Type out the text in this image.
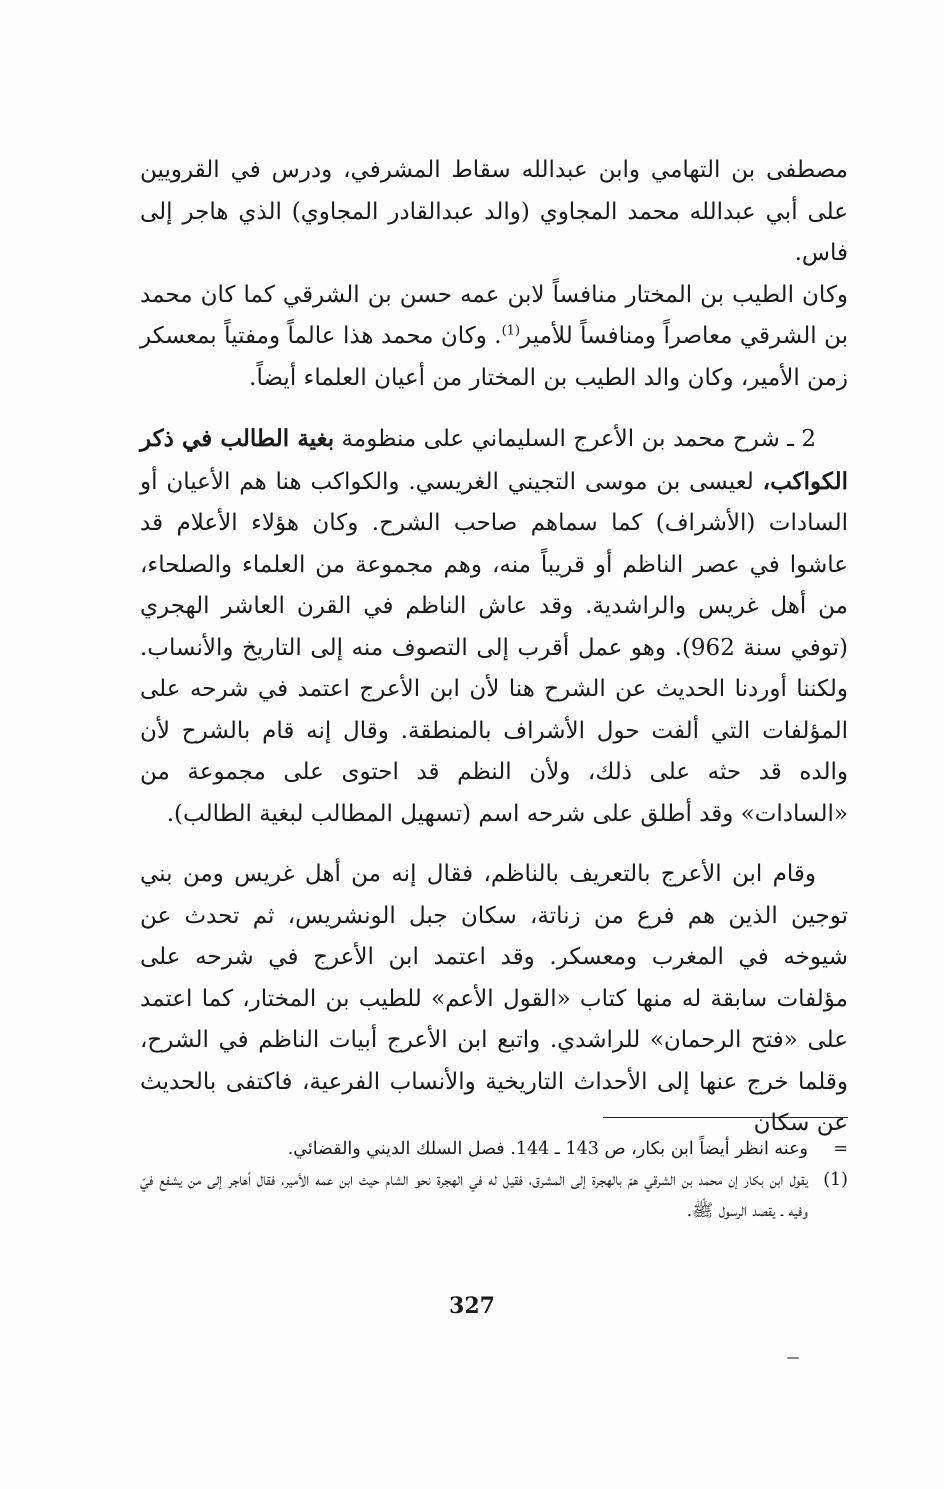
مصطفى بن التهامي وابن عبدالله سقاط المشرفي، ودرس في القرويين على أبي عبدالله محمد المجاوي (والد عبدالقادر المجاوي) الذي هاجر إلى فاس.

وكان الطيب بن المختار منافساً لابن عمه حسن بن الشرقي كما كان محمد بن الشرقي معاصراً ومنافساً للأمير$^{(1)}$. وكان محمد هذا عالماً ومفتياً بمعسكر زمن الأمير، وكان والد الطيب بن المختار من أعيان العلماء أيضاً.

2 ـ شرح محمد بن الأعرج السليماني على منظومة بغية الطالب في ذكر الكواكب، لعيسى بن موسى التجيني الغريسي. والكواكب هنا هم الأعيان أو السادات (الأشراف) كما سماهم صاحب الشرح. وكان هؤلاء الأعلام قد عاشوا في عصر الناظم أو قريباً منه، وهم مجموعة من العلماء والصلحاء، من أهل غريس والراشدية. وقد عاش الناظم في القرن العاشر الهجري (توفي سنة 962). وهو عمل أقرب إلى التصوف منه إلى التاريخ والأنساب. ولكننا أوردنا الحديث عن الشرح هنا لأن ابن الأعرج اعتمد في شرحه على المؤلفات التي ألفت حول الأشراف بالمنطقة. وقال إنه قام بالشرح لأن والده قد حثه على ذلك، ولأن النظم قد احتوى على مجموعة من «السادات» وقد أطلق على شرحه اسم (تسهيل المطالب لبغية الطالب).

وقام ابن الأعرج بالتعريف بالناظم، فقال إنه من أهل غريس ومن بني توجين الذين هم فرع من زناتة، سكان جبل الونشريس، ثم تحدث عن شيوخه في المغرب ومعسكر. وقد اعتمد ابن الأعرج في شرحه على مؤلفات سابقة له منها كتاب «القول الأعم» للطيب بن المختار، كما اعتمد على «فتح الرحمان» للراشدي. واتبع ابن الأعرج أبيات الناظم في الشرح، وقلما خرج عنها إلى الأحداث التاريخية والأنساب الفرعية، فاكتفى بالحديث عن سكان

=
وعنه انظر أيضاً ابن بكار، ص 143 ـ 144. فصل السلك الديني والقضائي.
(1)
يقول ابن بكار إن محمد بن الشرقي همّ بالهجرة إلى المشرق، فقيل له في الهجرة نحو الشام حيث ابن عمه الأمير، فقال أهاجر إلى من يشفع فيّ وفيه ـ يقصد الرسول ﷺ.
327
